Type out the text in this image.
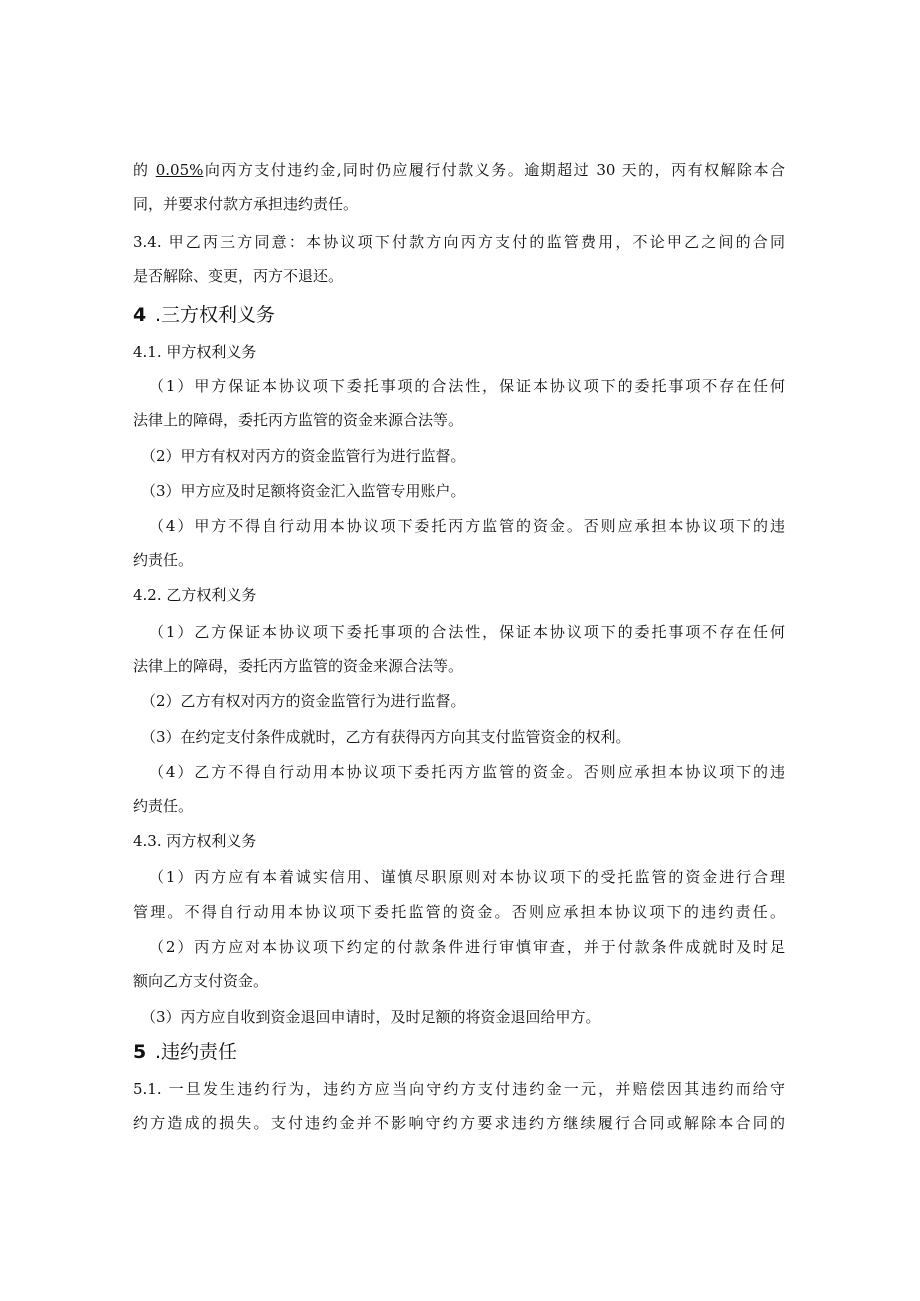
的 0.05%向丙方支付违约金,同时仍应履行付款义务。逾期超过 30 天的，丙有权解除本合
同，并要求付款方承担违约责任。
3.4. 甲乙丙三方同意：本协议项下付款方向丙方支付的监管费用，不论甲乙之间的合同
是否解除、变更，丙方不退还。
4 .三方权利义务
4.1. 甲方权利义务
（1）甲方保证本协议项下委托事项的合法性，保证本协议项下的委托事项不存在任何
法律上的障碍，委托丙方监管的资金来源合法等。
（2）甲方有权对丙方的资金监管行为进行监督。
（3）甲方应及时足额将资金汇入监管专用账户。
（4）甲方不得自行动用本协议项下委托丙方监管的资金。否则应承担本协议项下的违
约责任。
4.2. 乙方权利义务
（1）乙方保证本协议项下委托事项的合法性，保证本协议项下的委托事项不存在任何
法律上的障碍，委托丙方监管的资金来源合法等。
（2）乙方有权对丙方的资金监管行为进行监督。
（3）在约定支付条件成就时，乙方有获得丙方向其支付监管资金的权利。
（4）乙方不得自行动用本协议项下委托丙方监管的资金。否则应承担本协议项下的违
约责任。
4.3. 丙方权利义务
（1）丙方应有本着诚实信用、谨慎尽职原则对本协议项下的受托监管的资金进行合理
管理。不得自行动用本协议项下委托监管的资金。否则应承担本协议项下的违约责任。
（2）丙方应对本协议项下约定的付款条件进行审慎审查，并于付款条件成就时及时足
额向乙方支付资金。
（3）丙方应自收到资金退回申请时，及时足额的将资金退回给甲方。
5 .违约责任
5.1. 一旦发生违约行为，违约方应当向守约方支付违约金一元，并赔偿因其违约而给守
约方造成的损失。支付违约金并不影响守约方要求违约方继续履行合同或解除本合同的
